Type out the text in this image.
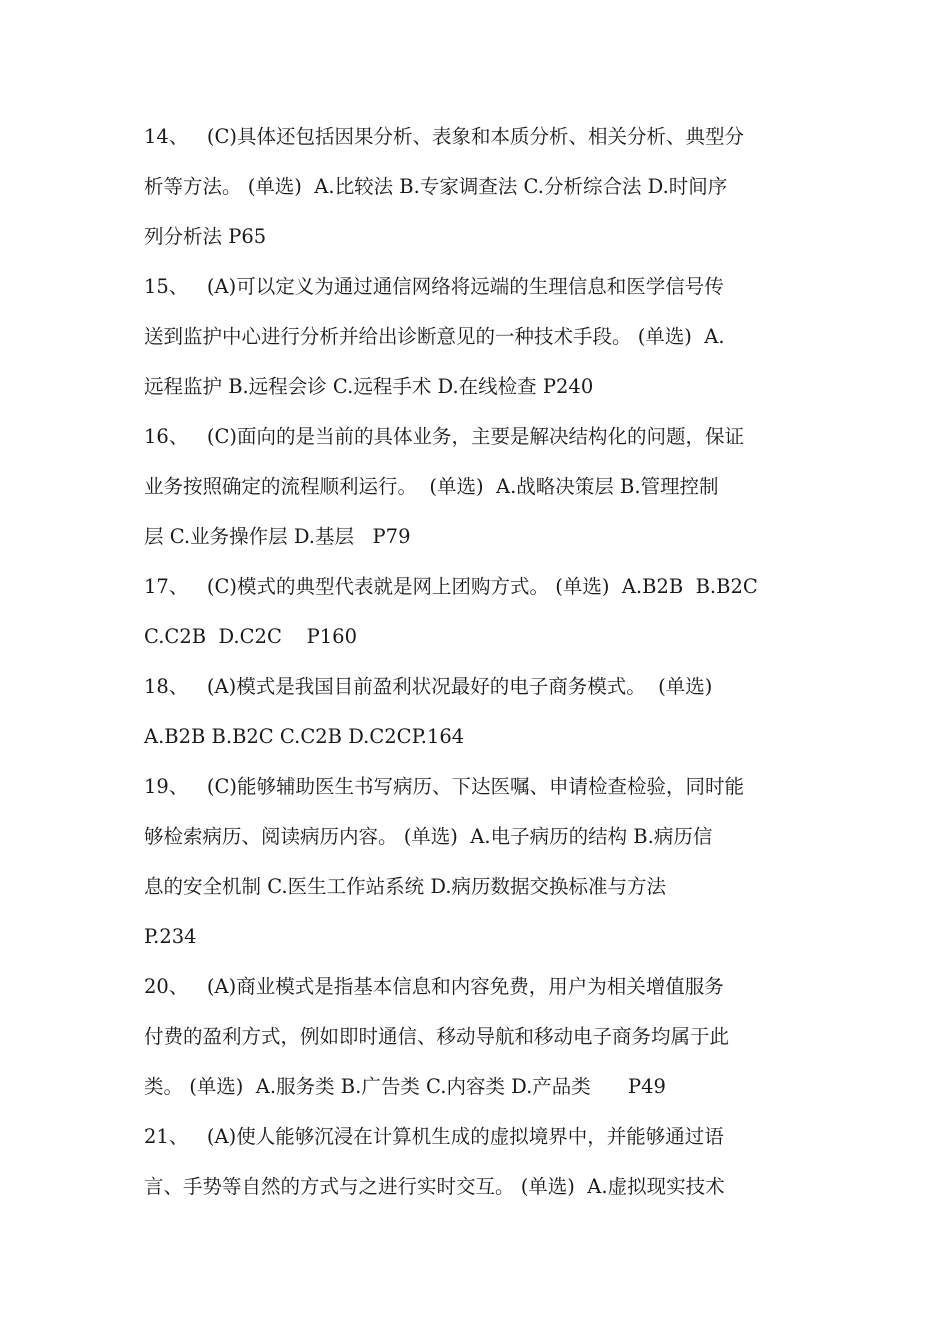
14、   (C)具体还包括因果分析、表象和本质分析、相关分析、典型分
析等方法。 (单选)  A.比较法 B.专家调查法 C.分析综合法 D.时间序
列分析法 P65
15、   (A)可以定义为通过通信网络将远端的生理信息和医学信号传
送到监护中心进行分析并给出诊断意见的一种技术手段。 (单选)  A.
远程监护 B.远程会诊 C.远程手术 D.在线检查 P240
16、   (C)面向的是当前的具体业务，主要是解决结构化的问题，保证
业务按照确定的流程顺利运行。  (单选)  A.战略决策层 B.管理控制
层 C.业务操作层 D.基层   P79
17、   (C)模式的典型代表就是网上团购方式。 (单选)  A.B2B  B.B2C
C.C2B  D.C2C    P160
18、   (A)模式是我国目前盈利状况最好的电子商务模式。  (单选)
A.B2B B.B2C C.C2B D.C2CP.164
19、   (C)能够辅助医生书写病历、下达医嘱、申请检查检验，同时能
够检索病历、阅读病历内容。 (单选)  A.电子病历的结构 B.病历信
息的安全机制 C.医生工作站系统 D.病历数据交换标准与方法
P.234
20、   (A)商业模式是指基本信息和内容免费，用户为相关增值服务
付费的盈利方式，例如即时通信、移动导航和移动电子商务均属于此
类。 (单选)  A.服务类 B.广告类 C.内容类 D.产品类      P49
21、   (A)使人能够沉浸在计算机生成的虚拟境界中，并能够通过语
言、手势等自然的方式与之进行实时交互。 (单选)  A.虚拟现实技术
